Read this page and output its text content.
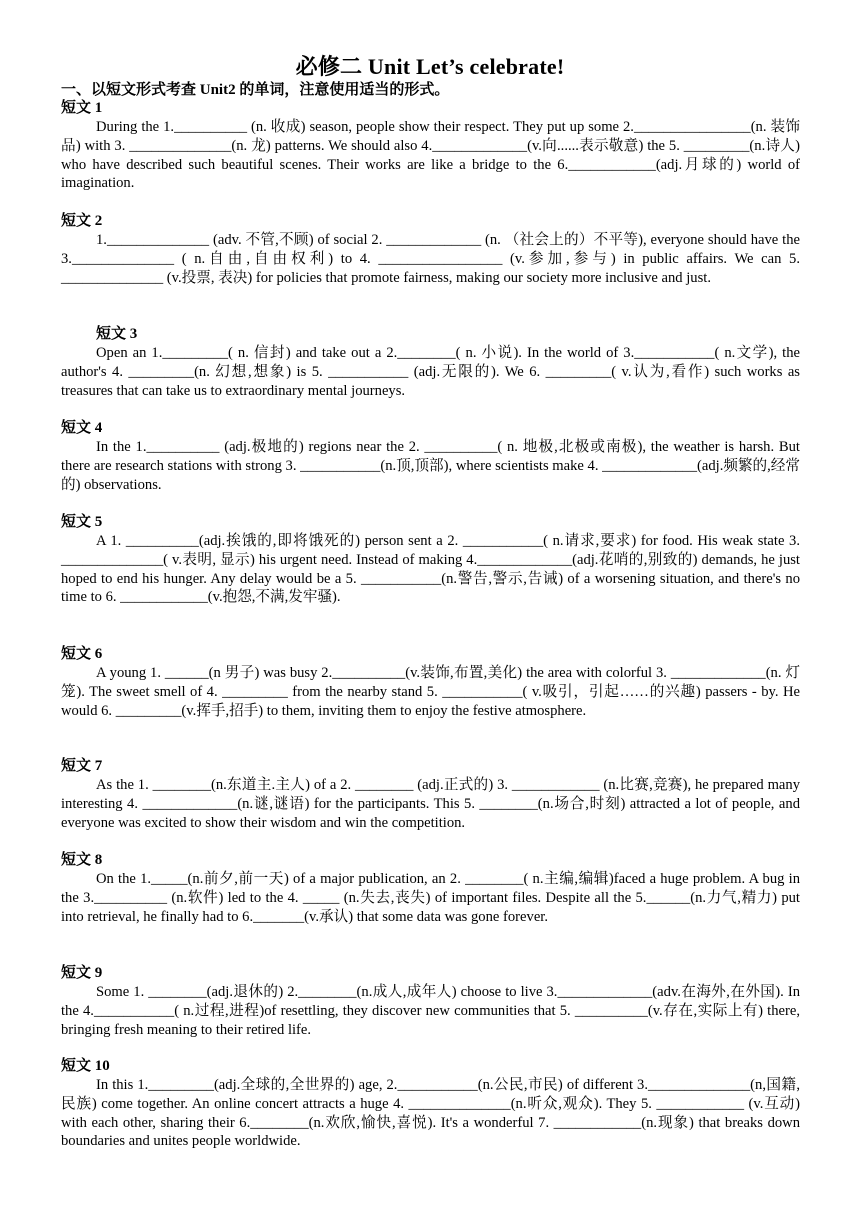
必修二 Unit Let’s celebrate!
一、以短文形式考查 Unit2 的单词，注意使用适当的形式。

短文 1

During the 1.__________ (n. 收成) season, people show their respect. They put up some 2.________________(n. 装饰品) with 3. ______________(n. 龙) patterns. We should also 4._____________(v.向......表示敬意) the 5. _________(n.诗人) who have described such beautiful scenes. Their works are like a bridge to the 6.____________(adj.月球的) world of imagination.

短文 2

1.______________ (adv. 不管,不顾) of social 2. _____________ (n. （社会上的）不平等), everyone should have the 3.______________ ( n.自由,自由权利) to 4. _________________ (v.参加,参与) in public affairs. We can 5. ______________ (v.投票, 表决) for policies that promote fairness, making our society more inclusive and just.

短文 3

Open an 1._________( n. 信封) and take out a 2.________( n. 小说). In the world of 3.___________( n.文学), the author's 4. _________(n. 幻想,想象) is 5. ___________ (adj.无限的). We 6. _________( v.认为,看作) such works as treasures that can take us to extraordinary mental journeys.

短文 4

In the 1.__________ (adj.极地的) regions near the 2. __________( n. 地极,北极或南极), the weather is harsh. But there are research stations with strong 3. ___________(n.顶,顶部), where scientists make 4. _____________(adj.频繁的,经常的) observations.

短文 5

A 1. __________(adj.挨饿的,即将饿死的) person sent a 2. ___________( n.请求,要求) for food. His weak state 3. ______________( v.表明, 显示) his urgent need. Instead of making 4._____________(adj.花哨的,别致的) demands, he just hoped to end his hunger. Any delay would be a 5. ___________(n.警告,警示,告诫) of a worsening situation, and there's no time to 6. ____________(v.抱怨,不满,发牢骚).

短文 6

A young 1. ______(n 男子) was busy 2.__________(v.装饰,布置,美化) the area with colorful 3. _____________(n. 灯笼). The sweet smell of 4. _________ from the nearby stand 5. ___________( v.吸引，引起……的兴趣) passers - by. He would 6. _________(v.挥手,招手) to them, inviting them to enjoy the festive atmosphere.

短文 7

As the 1. ________(n.东道主.主人) of a 2. ________ (adj.正式的) 3. ____________ (n.比赛,竞赛), he prepared many interesting 4. _____________(n.谜,谜语) for the participants. This 5. ________(n.场合,时刻) attracted a lot of people, and everyone was excited to show their wisdom and win the competition.

短文 8

On the 1._____(n.前夕,前一天) of a major publication, an 2. ________( n.主编,编辑)faced a huge problem. A bug in the 3.__________ (n.软件) led to the 4. _____ (n.失去,丧失) of important files. Despite all the 5.______(n.力气,精力) put into retrieval, he finally had to 6._______(v.承认) that some data was gone forever.

短文 9

Some 1. ________(adj.退休的) 2.________(n.成人,成年人) choose to live 3._____________(adv.在海外,在外国). In the 4.___________( n.过程,进程)of resettling, they discover new communities that 5. __________(v.存在,实际上有) there, bringing fresh meaning to their retired life.

短文 10

In this 1._________(adj.全球的,全世界的) age, 2.___________(n.公民,市民) of different 3.______________(n,国籍,民族) come together. An online concert attracts a huge 4. ______________(n.听众,观众). They 5. ____________ (v.互动) with each other, sharing their 6.________(n.欢欣,愉快,喜悦). It's a wonderful 7. ____________(n.现象) that breaks down boundaries and unites people worldwide.
